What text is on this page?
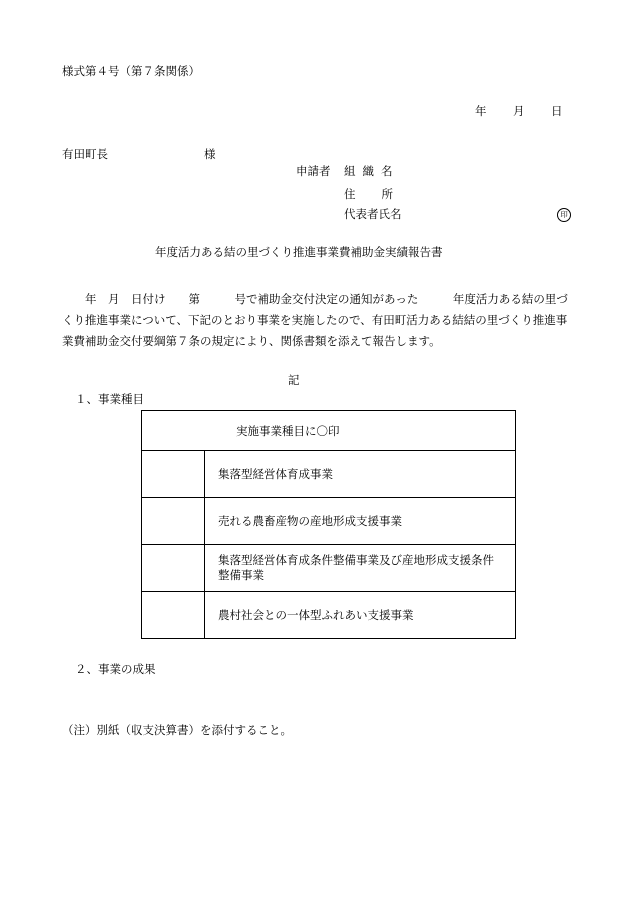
様式第４号（第７条関係）
年 月 日
有田町長	様
申請者 組織名
住所
代表者氏名	印
年度活力ある結の里づくり推進事業費補助金実績報告書

　　年　月　日付け　　第　　　号で補助金交付決定の通知があった　　　年度活力ある結の里づ

くり推進事業について、下記のとおり事業を実施したので、有田町活力ある結結の里づくり推進事

業費補助金交付要綱第７条の規定により、関係書類を添えて報告します。

記
１、事業種目
実施事業種目に〇印	
	集落型経営体育成事業
	売れる農畜産物の産地形成支援事業
	集落型経営体育成条件整備事業及び産地形成支援条件整備事業
	農村社会との一体型ふれあい支援事業
２、事業の成果
（注）別紙（収支決算書）を添付すること。
